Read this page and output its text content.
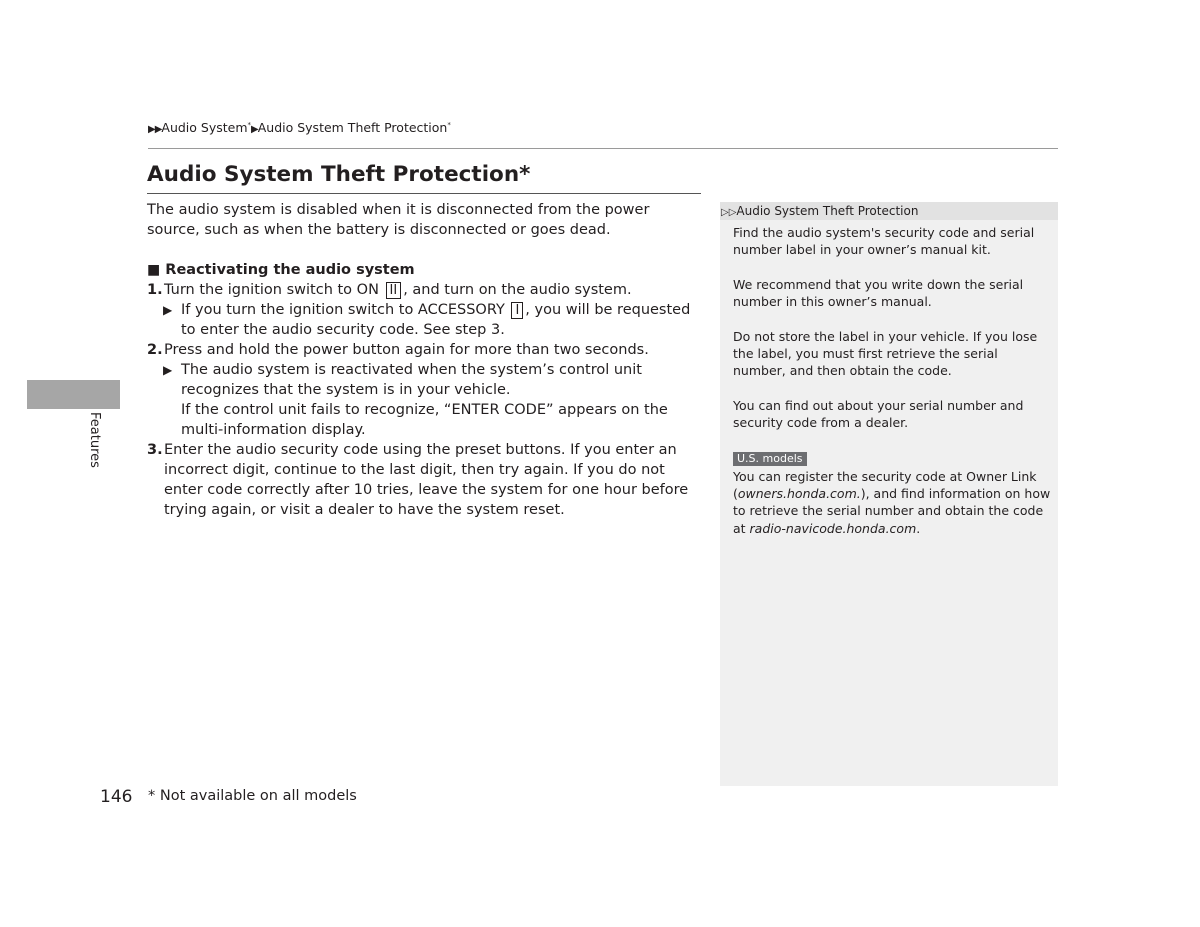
▶▶Audio System*▶Audio System Theft Protection*
Audio System Theft Protection*

The audio system is disabled when it is disconnected from the power source, such as when the battery is disconnected or goes dead.

■ Reactivating the audio system

1. Turn the ignition switch to ON II , and turn on the audio system.
▶ If you turn the ignition switch to ACCESSORY I , you will be requested to enter the audio security code. See step 3.
2. Press and hold the power button again for more than two seconds.
▶ The audio system is reactivated when the system’s control unit recognizes that the system is in your vehicle.

If the control unit fails to recognize, “ENTER CODE” appears on the multi-information display.

3. Enter the audio security code using the preset buttons. If you enter an incorrect digit, continue to the last digit, then try again. If you do not enter code correctly after 10 tries, leave the system for one hour before trying again, or visit a dealer to have the system reset.
Features
▷▷Audio System Theft Protection

Find the audio system's security code and serial number label in your owner’s manual kit.

We recommend that you write down the serial number in this owner’s manual.

Do not store the label in your vehicle. If you lose the label, you must first retrieve the serial number, and then obtain the code.

You can find out about your serial number and security code from a dealer.

U.S. models

You can register the security code at Owner Link (owners.honda.com.), and find information on how to retrieve the serial number and obtain the code at radio-navicode.honda.com.

146 * Not available on all models
